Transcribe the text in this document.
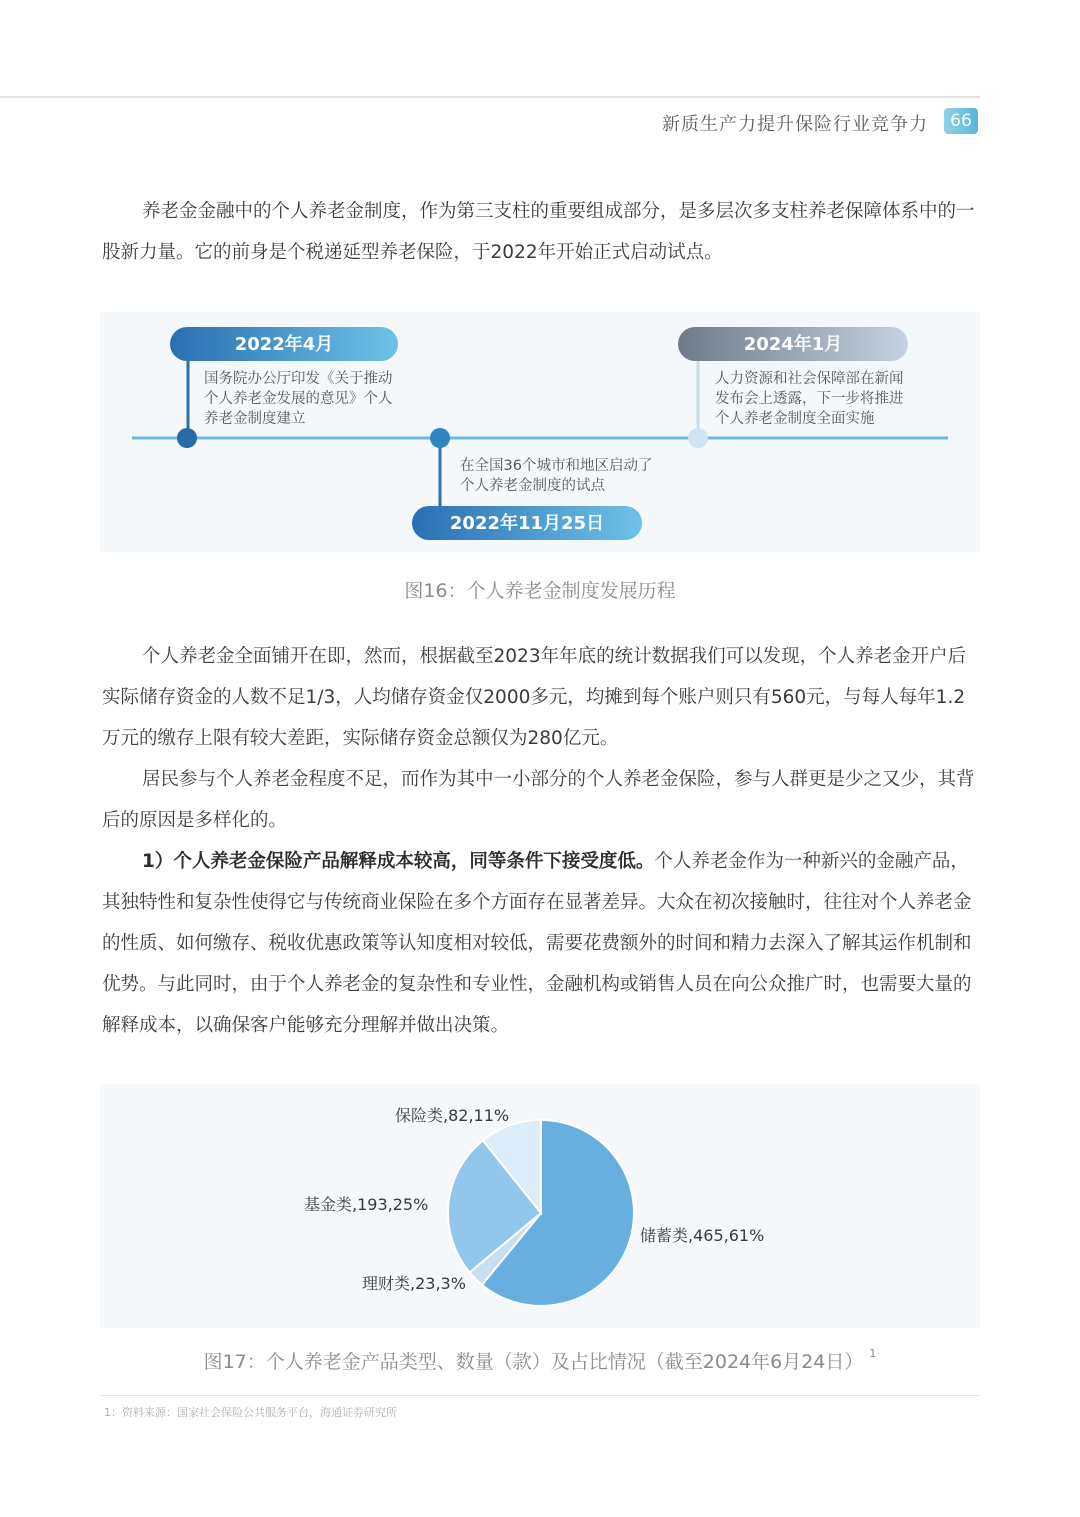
新质生产力提升保险行业竞争力	66

养老金金融中的个人养老金制度，作为第三支柱的重要组成部分，是多层次多支柱养老保障体系中的一股新力量。它的前身是个税递延型养老保险，于2022年开始正式启动试点。

2022年4月
国务院办公厅印发《关于推动
个人养老金发展的意见》个人
养老金制度建立
在全国36个城市和地区启动了
个人养老金制度的试点
2022年11月25日
2024年1月
人力资源和社会保障部在新闻
发布会上透露，下一步将推进
个人养老金制度全面实施
图16：个人养老金制度发展历程

个人养老金全面铺开在即，然而，根据截至2023年年底的统计数据我们可以发现，个人养老金开户后实际储存资金的人数不足1/3，人均储存资金仅2000多元，均摊到每个账户则只有560元，与每人每年1.2万元的缴存上限有较大差距，实际储存资金总额仅为280亿元。

居民参与个人养老金程度不足，而作为其中一小部分的个人养老金保险，参与人群更是少之又少，其背后的原因是多样化的。

1）个人养老金保险产品解释成本较高，同等条件下接受度低。个人养老金作为一种新兴的金融产品，其独特性和复杂性使得它与传统商业保险在多个方面存在显著差异。大众在初次接触时，往往对个人养老金的性质、如何缴存、税收优惠政策等认知度相对较低，需要花费额外的时间和精力去深入了解其运作机制和优势。与此同时，由于个人养老金的复杂性和专业性，金融机构或销售人员在向公众推广时，也需要大量的解释成本，以确保客户能够充分理解并做出决策。

储蓄类,465,61%
理财类,23,3%
基金类,193,25%
保险类,82,11%
图17：个人养老金产品类型、数量（款）及占比情况（截至2024年6月24日） $^1$
1：资料来源：国家社会保险公共服务平台，海通证券研究所
